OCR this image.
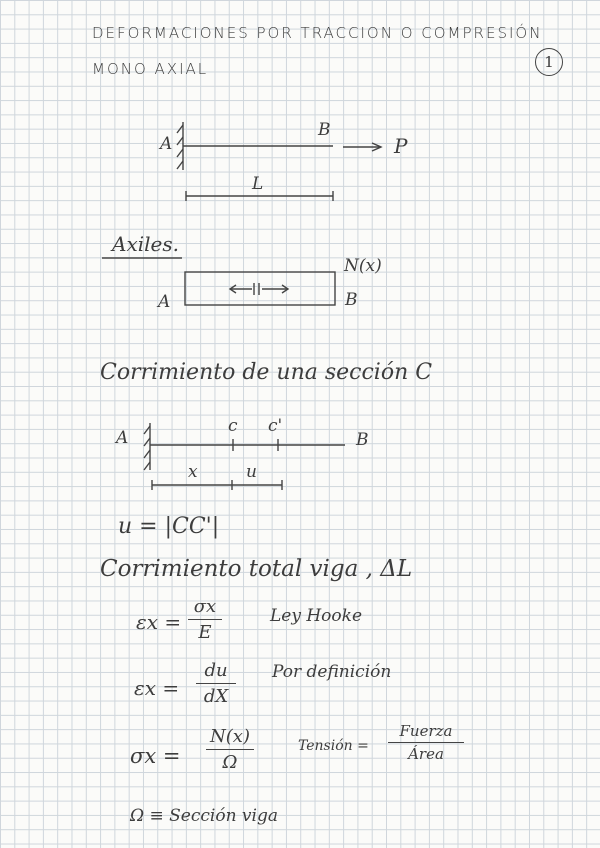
DEFORMACIONES POR TRACCION O COMPRESIÓN
MONO AXIAL	1
A
B
P
L
Axiles.
N(x)
A	B
Corrimiento de una sección C
A	B
c c'
x	u
u = |CC'|
Corrimiento total viga , ΔL
εx =
σx
E
Ley Hooke
εx =
du
dX
Por definición
σx =
N(x)
Ω
Tensión =
Fuerza
Área
Ω ≡ Sección viga
